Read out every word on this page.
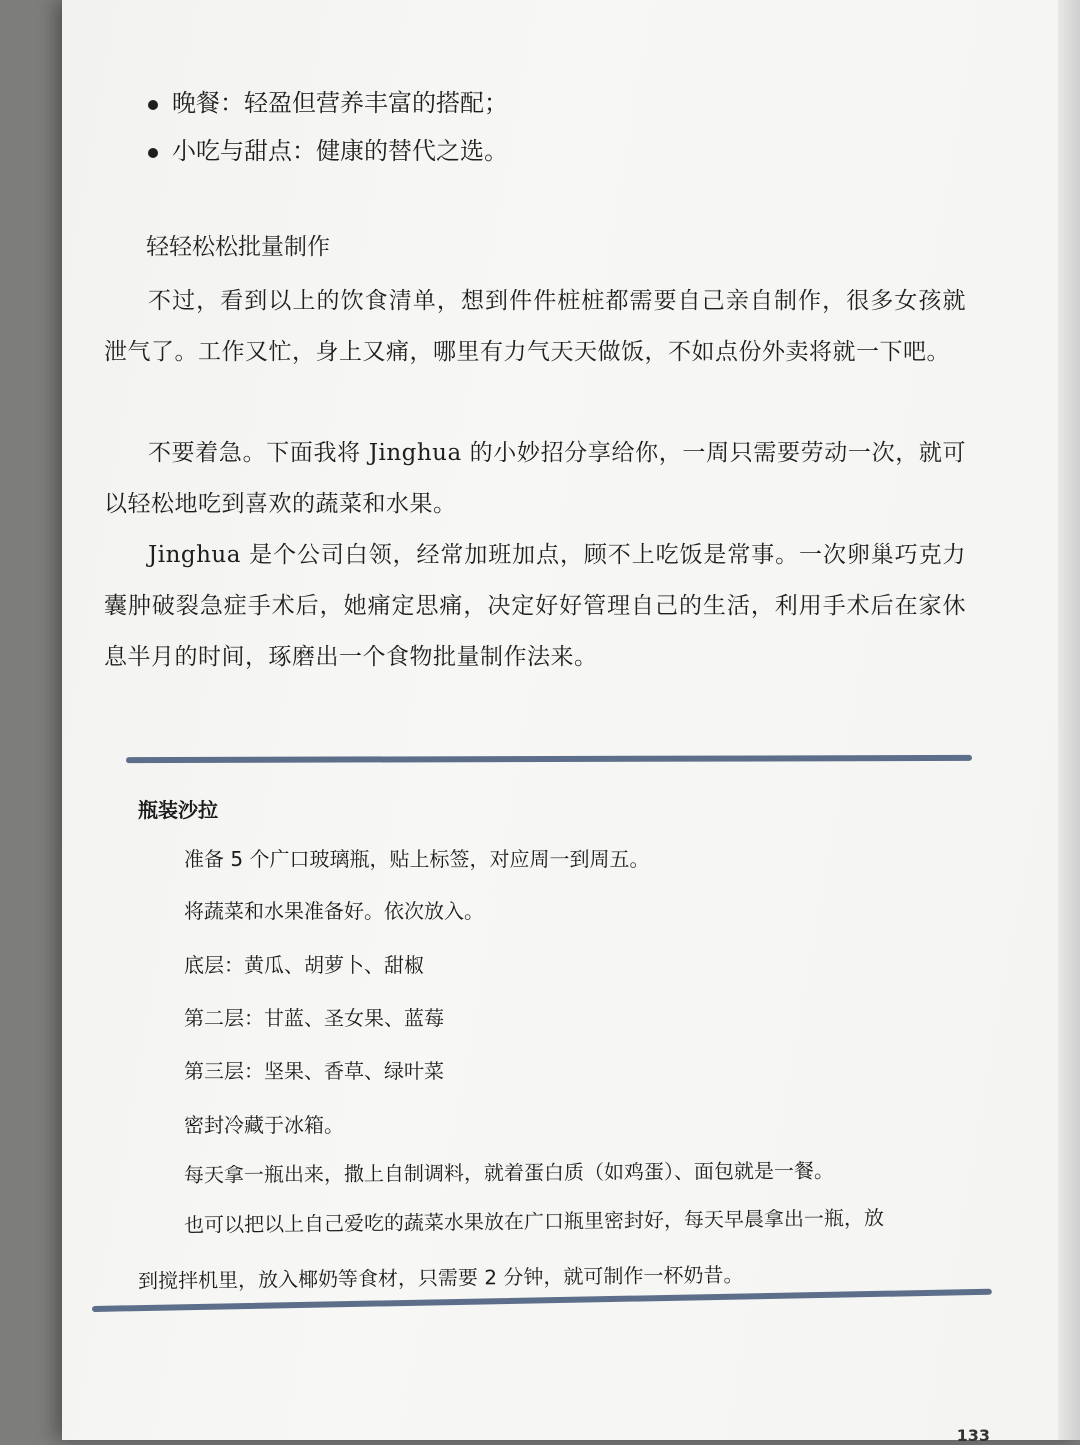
晚餐：轻盈但营养丰富的搭配；
小吃与甜点：健康的替代之选。
轻轻松松批量制作
不过，看到以上的饮食清单，想到件件桩桩都需要自己亲自制作，很多女孩就泄气了。工作又忙，身上又痛，哪里有力气天天做饭，不如点份外卖将就一下吧。
不要着急。下面我将 Jinghua 的小妙招分享给你，一周只需要劳动一次，就可以轻松地吃到喜欢的蔬菜和水果。
Jinghua 是个公司白领，经常加班加点，顾不上吃饭是常事。一次卵巢巧克力囊肿破裂急症手术后，她痛定思痛，决定好好管理自己的生活，利用手术后在家休息半月的时间，琢磨出一个食物批量制作法来。
瓶装沙拉
准备 5 个广口玻璃瓶，贴上标签，对应周一到周五。
将蔬菜和水果准备好。依次放入。
底层：黄瓜、胡萝卜、甜椒
第二层：甘蓝、圣女果、蓝莓
第三层：坚果、香草、绿叶菜
密封冷藏于冰箱。
每天拿一瓶出来，撒上自制调料，就着蛋白质（如鸡蛋）、面包就是一餐。
也可以把以上自己爱吃的蔬菜水果放在广口瓶里密封好，每天早晨拿出一瓶，放
到搅拌机里，放入椰奶等食材，只需要 2 分钟，就可制作一杯奶昔。
133
